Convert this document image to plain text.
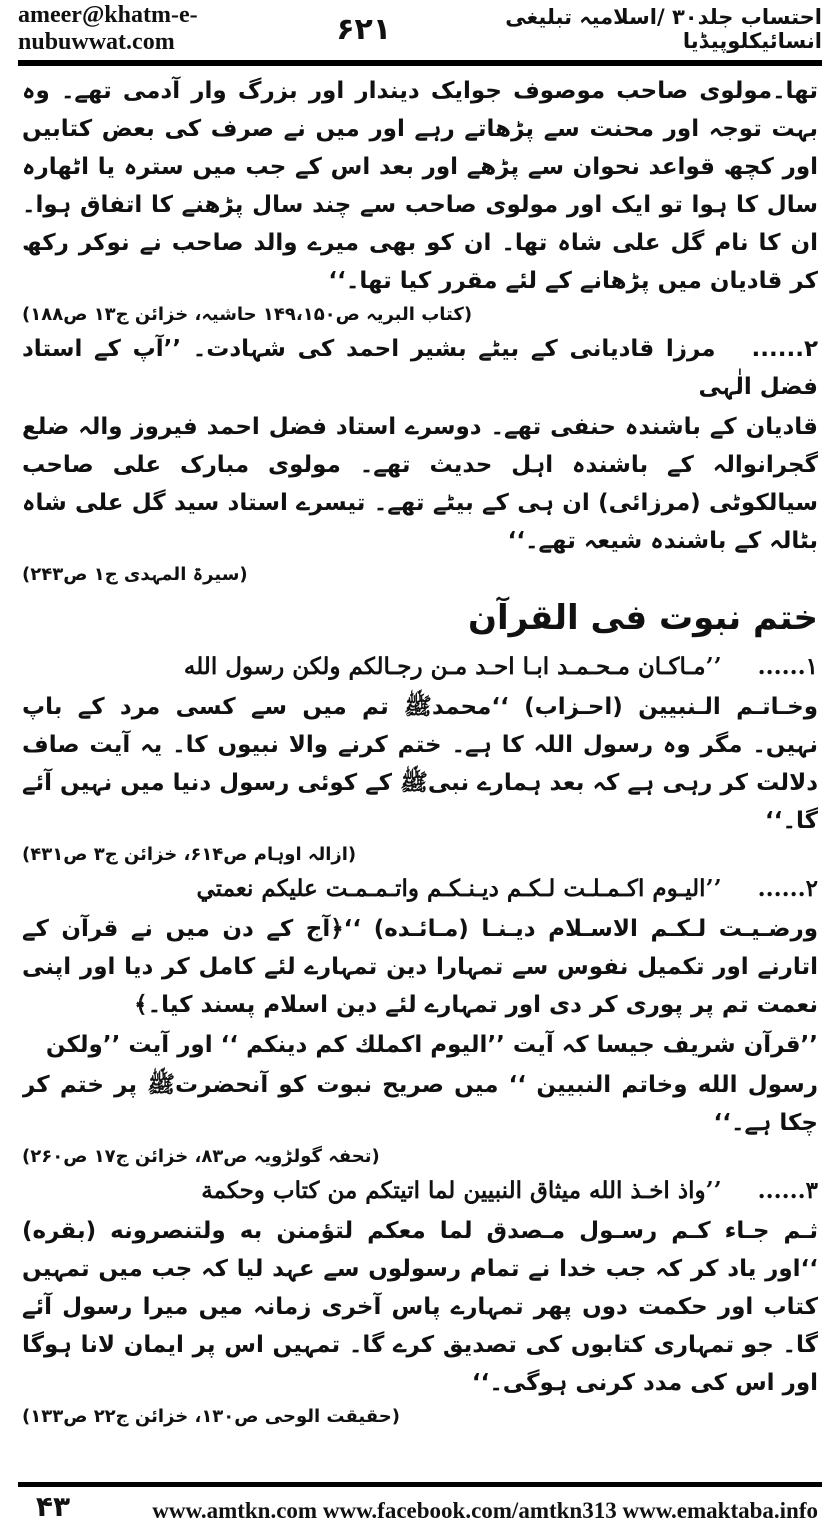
ameer@khatm-e-nubuwwat.com	۶۲۱	احتساب جلد۳۰ /اسلامیہ تبلیغی انسائیکلوپیڈیا

تھا۔مولوی صاحب موصوف جوایک دیندار اور بزرگ وار آدمی تھے۔ وہ بہت توجہ اور محنت سے پڑھاتے رہے اور میں نے صرف کی بعض کتابیں اور کچھ قواعد نحوان سے پڑھے اور بعد اس کے جب میں سترہ یا اٹھارہ سال کا ہوا تو ایک اور مولوی صاحب سے چند سال پڑھنے کا اتفاق ہوا۔ ان کا نام گل علی شاہ تھا۔ ان کو بھی میرے والد صاحب نے نوکر رکھ کر قادیان میں پڑھانے کے لئے مقرر کیا تھا۔‘‘

(کتاب البریہ ص۱۴۹،۱۵۰ حاشیہ، خزائن ج۱۳ ص۱۸۸)

۲......مرزا قادیانی کے بیٹے بشیر احمد کی شہادت۔ ’’آپ کے استاد فضل الٰہی

قادیان کے باشندہ حنفی تھے۔ دوسرے استاد فضل احمد فیروز والہ ضلع گجرانوالہ کے باشندہ اہل حدیث تھے۔ مولوی مبارک علی صاحب سیالکوٹی (مرزائی) ان ہی کے بیٹے تھے۔ تیسرے استاد سید گل علی شاہ بٹالہ کے باشندہ شیعہ تھے۔‘‘

(سیرۃ المہدی ج۱ ص۲۴۳)
ختم نبوت فی القرآن

۱......’’مـاكـان مـحـمـد ابـا احـد مـن رجـالكم ولكن رسول الله

وخـاتـم الـنبيين (احـزاب) ‘‘محمدﷺ تم میں سے کسی مرد کے باپ نہیں۔ مگر وہ رسول اللہ کا ہے۔ ختم کرنے والا نبیوں کا۔ یہ آیت صاف دلالت کر رہی ہے کہ بعد ہمارے نبیﷺ کے کوئی رسول دنیا میں نہیں آئے گا۔‘‘

(ازالہ اوہام ص۶۱۴، خزائن ج۳ ص۴۳۱)

۲......’’اليـوم اكـمـلـت لـكـم ديـنـكـم واتـمـمـت عليكم نعمتي

ورضـيـت لـكـم الاسـلام ديـنـا (مـائـده) ‘‘﴿آج کے دن میں نے قرآن کے اتارنے اور تکمیل نفوس سے تمہارا دین تمہارے لئے کامل کر دیا اور اپنی نعمت تم پر پوری کر دی اور تمہارے لئے دین اسلام پسند کیا۔﴾

’’قرآن شریف جیسا کہ آیت ’’اليوم اكملك كم دينكم ‘‘ اور آیت ’’ولكن

رسول الله وخاتم النبيين ‘‘ میں صریح نبوت کو آنحضرتﷺ پر ختم کر چکا ہے۔‘‘

(تحفہ گولڑویہ ص۸۳، خزائن ج۱۷ ص۲۶۰)

۳......’’واذ اخـذ الله ميثاق النبيين لما اتيتكم من كتاب وحكمة

ثـم جـاء كـم رسـول مـصدق لما معكم لتؤمنن به ولتنصرونه (بقره) ‘‘اور یاد کر کہ جب خدا نے تمام رسولوں سے عہد لیا کہ جب میں تمہیں کتاب اور حکمت دوں پھر تمہارے پاس آخری زمانہ میں میرا رسول آئے گا۔ جو تمہاری کتابوں کی تصدیق کرے گا۔ تمہیں اس پر ایمان لانا ہوگا اور اس کی مدد کرنی ہوگی۔‘‘

(حقیقت الوحی ص۱۳۰، خزائن ج۲۲ ص۱۳۳)
۴۳	www.amtkn.com www.facebook.com/amtkn313 www.emaktaba.info
